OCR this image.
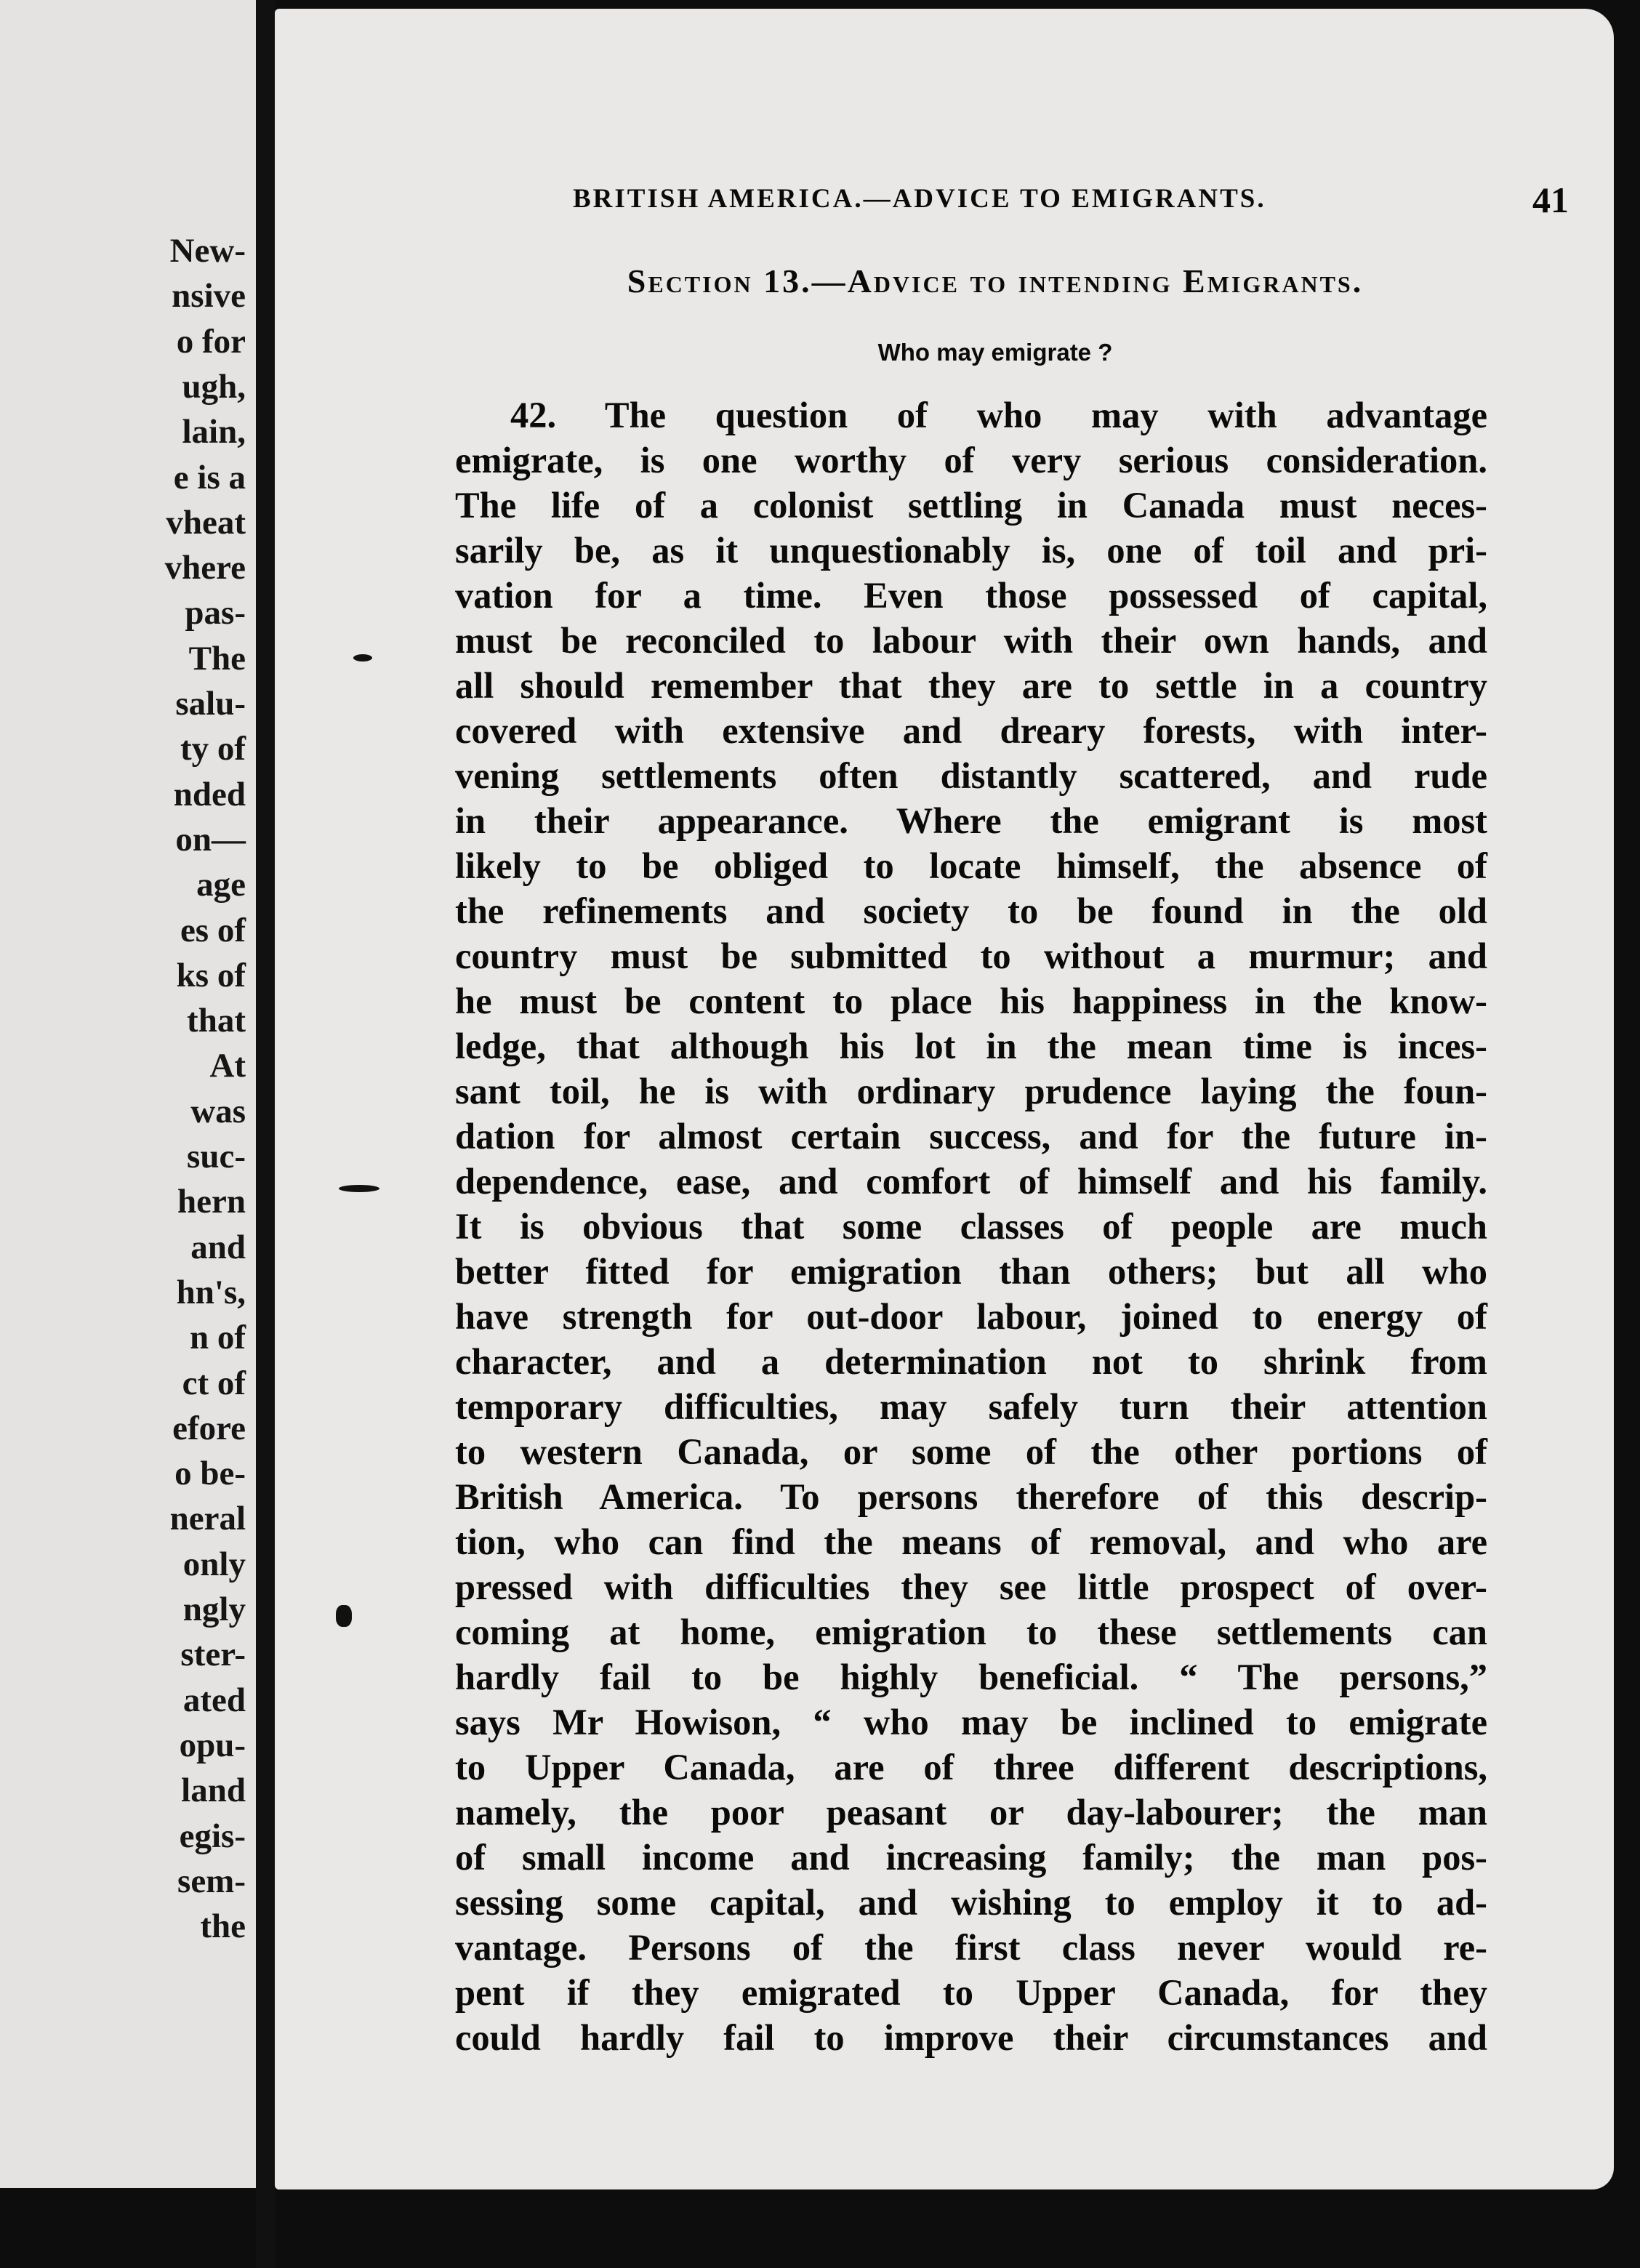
New-
nsive
o for
ugh,
lain,
e is a
vheat
vhere
pas-
The
salu-
ty of
nded
on—
age
es of
ks of
that
At
was
suc-
hern
and
hn's,
n of
ct of
efore
o be-
neral
only
ngly
ster-
ated
opu-
land
egis-
sem-
the
BRITISH AMERICA.—ADVICE TO EMIGRANTS.	41
Section 13.—Advice to intending Emigrants.
Who may emigrate ?
42. The question of who may with advantage
emigrate, is one worthy of very serious consideration.
The life of a colonist settling in Canada must neces-
sarily be, as it unquestionably is, one of toil and pri-
vation for a time. Even those possessed of capital,
must be reconciled to labour with their own hands, and
all should remember that they are to settle in a country
covered with extensive and dreary forests, with inter-
vening settlements often distantly scattered, and rude
in their appearance. Where the emigrant is most
likely to be obliged to locate himself, the absence of
the refinements and society to be found in the old
country must be submitted to without a murmur; and
he must be content to place his happiness in the know-
ledge, that although his lot in the mean time is inces-
sant toil, he is with ordinary prudence laying the foun-
dation for almost certain success, and for the future in-
dependence, ease, and comfort of himself and his family.
It is obvious that some classes of people are much
better fitted for emigration than others; but all who
have strength for out-door labour, joined to energy of
character, and a determination not to shrink from
temporary difficulties, may safely turn their attention
to western Canada, or some of the other portions of
British America. To persons therefore of this descrip-
tion, who can find the means of removal, and who are
pressed with difficulties they see little prospect of over-
coming at home, emigration to these settlements can
hardly fail to be highly beneficial. “ The persons,”
says Mr Howison, “ who may be inclined to emigrate
to Upper Canada, are of three different descriptions,
namely, the poor peasant or day-labourer; the man
of small income and increasing family; the man pos-
sessing some capital, and wishing to employ it to ad-
vantage. Persons of the first class never would re-
pent if they emigrated to Upper Canada, for they
could hardly fail to improve their circumstances and
